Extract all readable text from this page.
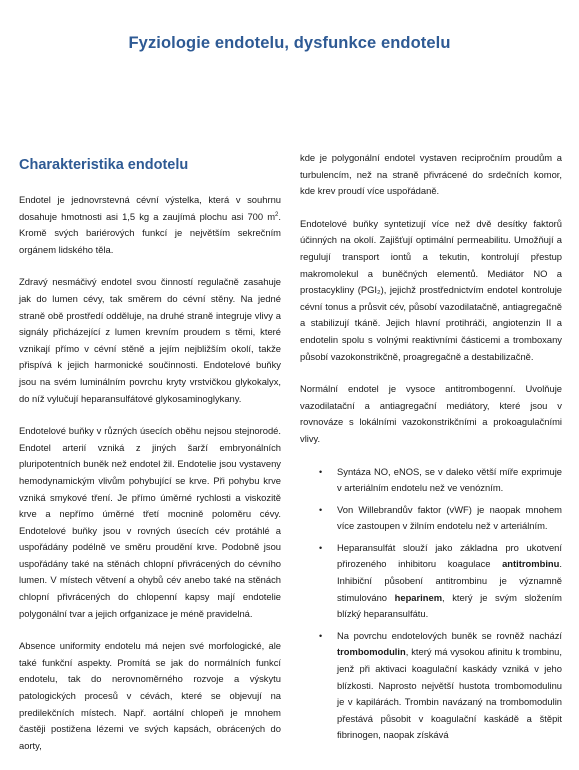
Fyziologie endotelu, dysfunkce endotelu
Charakteristika endotelu

Endotel je jednovrstevná cévní výstelka, která v souhrnu dosahuje hmotnosti asi 1,5 kg a zaujímá plochu asi 700 $m^2$. Kromě svých bariérových funkcí je největším sekrečním orgánem lidského těla.

Zdravý nesmáčivý endotel svou činností regulačně zasahuje jak do lumen cévy, tak směrem do cévní stěny. Na jedné straně obě prostředí odděluje, na druhé straně integruje vlivy a signály přicházející z lumen krevním proudem s těmi, které vznikají přímo v cévní stěně a jejím nejbližším okolí, takže přispívá k jejich harmonické součinnosti. Endotelové buňky jsou na svém luminálním povrchu kryty vrstvičkou glykokalyx, do níž vylučují heparansulfátové glykosaminoglykany.

Endotelové buňky v různých úsecích oběhu nejsou stejnorodé. Endotel arterií vzniká z jiných šarží embryonálních pluripotentních buněk než endotel žil. Endotelie jsou vystaveny hemodynamickým vlivům pohybující se krve. Při pohybu krve vzniká smykové tření. Je přímo úměrné rychlosti a viskozitě krve a nepřímo úměrné třetí mocnině poloměru cévy. Endotelové buňky jsou v rovných úsecích cév protáhlé a uspořádány podélně ve směru proudění krve. Podobně jsou uspořádány také na stěnách chlopní přivrácených do cévního lumen. V místech větvení a ohybů cév anebo také na stěnách chlopní přivrácených do chlopenní kapsy mají endotelie polygonální tvar a jejich orfganizace je méně pravidelná.

Absence uniformity endotelu má nejen své morfologické, ale také funkční aspekty. Promítá se jak do normálních funkcí endotelu, tak do nerovnoměrného rozvoje a výskytu patologických procesů v cévách, které se objevují na predilekčních místech. Např. aortální chlopeň je mnohem častěji postižena lézemi ve svých kapsách, obrácených do aorty,

kde je polygonální endotel vystaven recipročním proudům a turbulencím, než na straně přivrácené do srdečních komor, kde krev proudí více uspořádaně.

Endotelové buňky syntetizují více než dvě desítky faktorů účinných na okolí. Zajišťují optimální permeabilitu. Umožňují a regulují transport iontů a tekutin, kontrolují přestup makromolekul a buněčných elementů. Mediátor NO a prostacykliny (PGI₂), jejichž prostřednictvím endotel kontroluje cévní tonus a průsvit cév, působí vazodilatačně, antiagregačně a stabilizují tkáně. Jejich hlavní protihráči, angiotenzin II a endotelin spolu s volnými reaktivními částicemi a tromboxany působí vazokonstrikčně, proagregačně a destabilizačně.

Normální endotel je vysoce antitrombogenní. Uvolňuje vazodilatační a antiagregační mediátory, které jsou v rovnováze s lokálními vazokonstrikčními a prokoagulačními vlivy.

• Syntáza NO, eNOS, se v daleko větší míře exprimuje v arteriálním endotelu než ve venózním.
• Von Willebrandův faktor (vWF) je naopak mnohem více zastoupen v žilním endotelu než v arteriálním.
• Heparansulfát slouží jako základna pro ukotvení přirozeného inhibitoru koagulace antitrombinu. Inhibiční působení antitrombinu je významně stimulováno heparinem, který je svým složením blízký heparansulfátu.
• Na povrchu endotelových buněk se rovněž nachází trombomodulin, který má vysokou afinitu k trombinu, jenž při aktivaci koagulační kaskády vzniká v jeho blízkosti. Naprosto největší hustota trombomodulinu je v kapilárách. Trombin navázaný na trombomodulin přestává působit v koagulační kaskádě a štěpit fibrinogen, naopak získává
